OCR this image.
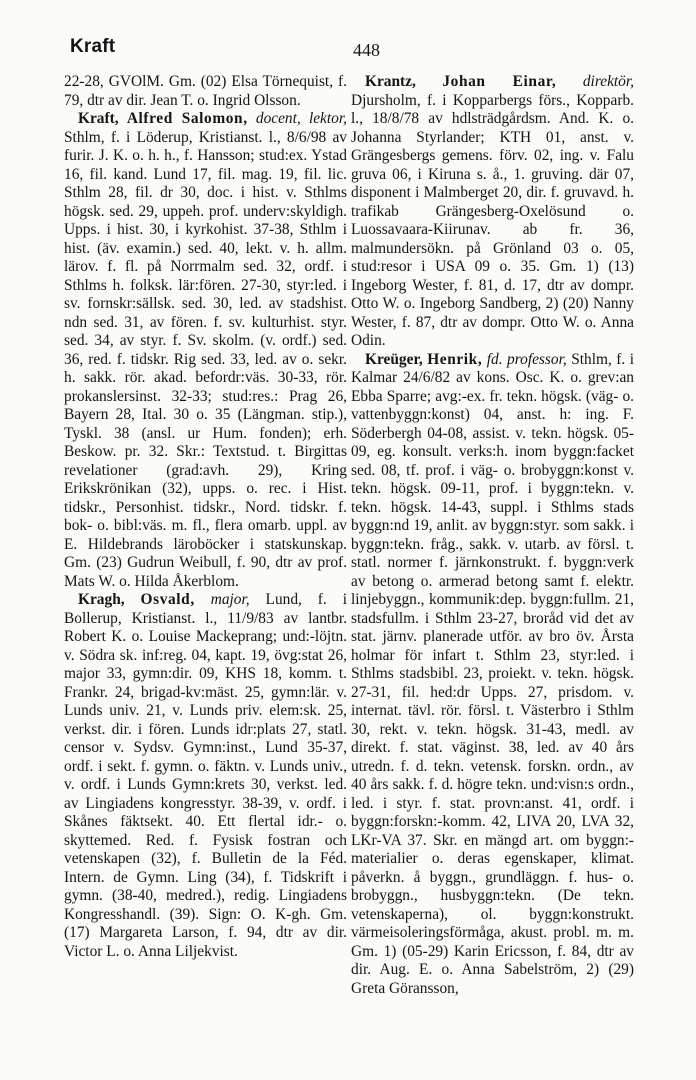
Kraft	448

22-28, GVOlM. Gm. (02) Elsa Törnequist, f. 79, dtr av dir. Jean T. o. Ingrid Olsson.

Kraft, Alfred Salomon, docent, lektor, Sthlm, f. i Löderup, Kristianst. l., 8/6/98 av furir. J. K. o. h. h., f. Hansson; stud:ex. Ystad 16, fil. kand. Lund 17, fil. mag. 19, fil. lic. Sthlm 28, fil. dr 30, doc. i hist. v. Sthlms högsk. sed. 29, uppeh. prof. underv:skyldigh. Upps. i hist. 30, i kyrkohist. 37-38, Sthlm i hist. (äv. examin.) sed. 40, lekt. v. h. allm. lärov. f. fl. på Norrmalm sed. 32, ordf. i Sthlms h. folksk. lär:fören. 27-30, styr:led. i sv. fornskr:sällsk. sed. 30, led. av stadshist. ndn sed. 31, av fören. f. sv. kulturhist. styr. sed. 34, av styr. f. Sv. skolm. (v. ordf.) sed. 36, red. f. tidskr. Rig sed. 33, led. av o. sekr. h. sakk. rör. akad. befordr:väs. 30-33, rör. prokanslersinst. 32-33; stud:res.: Prag 26, Bayern 28, Ital. 30 o. 35 (Längman. stip.), Tyskl. 38 (ansl. ur Hum. fonden); erh. Beskow. pr. 32. Skr.: Textstud. t. Birgittas revelationer (grad:avh. 29), Kring Erikskrönikan (32), upps. o. rec. i Hist. tidskr., Personhist. tidskr., Nord. tidskr. f. bok- o. bibl:väs. m. fl., flera omarb. uppl. av E. Hildebrands läroböcker i statskunskap. Gm. (23) Gudrun Weibull, f. 90, dtr av prof. Mats W. o. Hilda Åkerblom.

Kragh, Osvald, major, Lund, f. i Bollerup, Kristianst. l., 11/9/83 av lantbr. Robert K. o. Louise Mackeprang; und:-löjtn. v. Södra sk. inf:reg. 04, kapt. 19, övg:stat 26, major 33, gymn:dir. 09, KHS 18, komm. t. Frankr. 24, brigad-kv:mäst. 25, gymn:lär. v. Lunds univ. 21, v. Lunds priv. elem:sk. 25, verkst. dir. i fören. Lunds idr:plats 27, statl. censor v. Sydsv. Gymn:inst., Lund 35-37, ordf. i sekt. f. gymn. o. fäktn. v. Lunds univ., v. ordf. i Lunds Gymn:krets 30, verkst. led. av Lingiadens kongresstyr. 38-39, v. ordf. i Skånes fäktsekt. 40. Ett flertal idr.- o. skyttemed. Red. f. Fysisk fostran och vetenskapen (32), f. Bulletin de la Féd. Intern. de Gymn. Ling (34), f. Tidskrift i gymn. (38-40, medred.), redig. Lingiadens Kongresshandl. (39). Sign: O. K-gh. Gm. (17) Margareta Larson, f. 94, dtr av dir. Victor L. o. Anna Liljekvist.

Krantz, Johan Einar, direktör, Djursholm, f. i Kopparbergs förs., Kopparb. l., 18/8/78 av hdlsträdgårdsm. And. K. o. Johanna Styrlander; KTH 01, anst. v. Grängesbergs gemens. förv. 02, ing. v. Falu gruva 06, i Kiruna s. å., 1. gruving. där 07, disponent i Malmberget 20, dir. f. gruvavd. h. trafikab Grängesberg-Oxelösund o. Luossavaara-Kiirunav. ab fr. 36, malmundersökn. på Grönland 03 o. 05, stud:resor i USA 09 o. 35. Gm. 1) (13) Ingeborg Wester, f. 81, d. 17, dtr av dompr. Otto W. o. Ingeborg Sandberg, 2) (20) Nanny Wester, f. 87, dtr av dompr. Otto W. o. Anna Odin.

Kreüger, Henrik, fd. professor, Sthlm, f. i Kalmar 24/6/82 av kons. Osc. K. o. grev:an Ebba Sparre; avg:-ex. fr. tekn. högsk. (väg- o. vattenbyggn:konst) 04, anst. h: ing. F. Söderbergh 04-08, assist. v. tekn. högsk. 05-09, eg. konsult. verks:h. inom byggn:facket sed. 08, tf. prof. i väg- o. brobyggn:konst v. tekn. högsk. 09-11, prof. i byggn:tekn. v. tekn. högsk. 14-43, suppl. i Sthlms stads byggn:nd 19, anlit. av byggn:styr. som sakk. i byggn:tekn. fråg., sakk. v. utarb. av försl. t. statl. normer f. järnkonstrukt. f. byggn:verk av betong o. armerad betong samt f. elektr. linjebyggn., kommunik:dep. byggn:fullm. 21, stadsfullm. i Sthlm 23-27, broråd vid det av stat. järnv. planerade utför. av bro öv. Årsta holmar för infart t. Sthlm 23, styr:led. i Sthlms stadsbibl. 23, proiekt. v. tekn. högsk. 27-31, fil. hed:dr Upps. 27, prisdom. v. internat. tävl. rör. försl. t. Västerbro i Sthlm 30, rekt. v. tekn. högsk. 31-43, medl. av direkt. f. stat. väginst. 38, led. av 40 års utredn. f. d. tekn. vetensk. forskn. ordn., av 40 års sakk. f. d. högre tekn. und:visn:s ordn., led. i styr. f. stat. provn:anst. 41, ordf. i byggn:forskn:-komm. 42, LIVA 20, LVA 32, LKr-VA 37. Skr. en mängd art. om byggn:-materialier o. deras egenskaper, klimat. påverkn. å byggn., grundläggn. f. hus- o. brobyggn., husbyggn:tekn. (De tekn. vetenskaperna), ol. byggn:konstrukt. värmeisoleringsförmåga, akust. probl. m. m. Gm. 1) (05-29) Karin Ericsson, f. 84, dtr av dir. Aug. E. o. Anna Sabelström, 2) (29) Greta Göransson,
